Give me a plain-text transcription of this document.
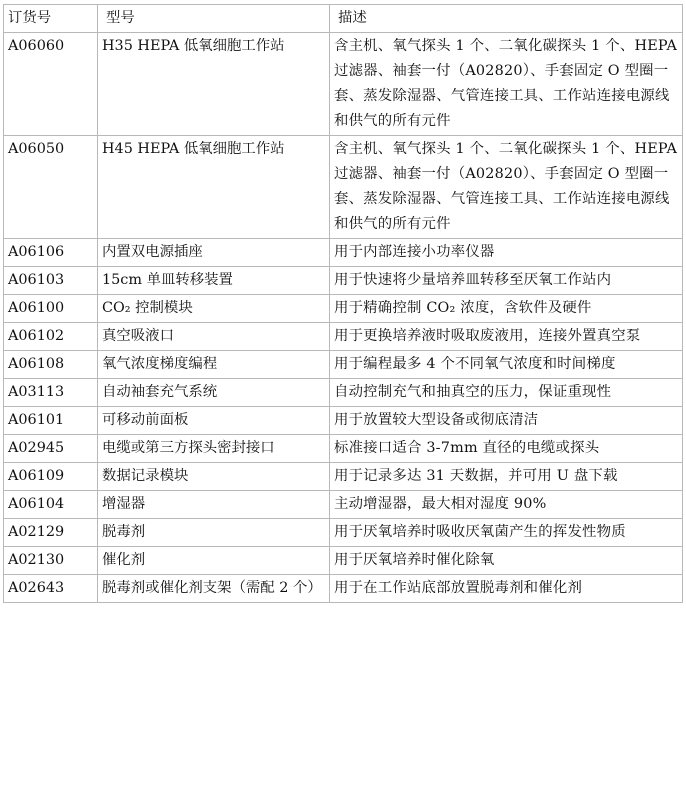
订货号	型号	描述
A06060	H35 HEPA 低氧细胞工作站	含主机、氧气探头 1 个、二氧化碳探头 1 个、HEPA 过滤器、袖套一付（A02820）、手套固定 O 型圈一套、蒸发除湿器、气管连接工具、工作站连接电源线和供气的所有元件
A06050	H45 HEPA 低氧细胞工作站	含主机、氧气探头 1 个、二氧化碳探头 1 个、HEPA 过滤器、袖套一付（A02820）、手套固定 O 型圈一套、蒸发除湿器、气管连接工具、工作站连接电源线和供气的所有元件
A06106	内置双电源插座	用于内部连接小功率仪器
A06103	15cm 单皿转移装置	用于快速将少量培养皿转移至厌氧工作站内
A06100	CO₂ 控制模块	用于精确控制 CO₂ 浓度，含软件及硬件
A06102	真空吸液口	用于更换培养液时吸取废液用，连接外置真空泵
A06108	氧气浓度梯度编程	用于编程最多 4 个不同氧气浓度和时间梯度
A03113	自动袖套充气系统	自动控制充气和抽真空的压力，保证重现性
A06101	可移动前面板	用于放置较大型设备或彻底清洁
A02945	电缆或第三方探头密封接口	标准接口适合 3-7mm 直径的电缆或探头
A06109	数据记录模块	用于记录多达 31 天数据，并可用 U 盘下载
A06104	增湿器	主动增湿器，最大相对湿度 90%
A02129	脱毒剂	用于厌氧培养时吸收厌氧菌产生的挥发性物质
A02130	催化剂	用于厌氧培养时催化除氧
A02643	脱毒剂或催化剂支架（需配 2 个）	用于在工作站底部放置脱毒剂和催化剂
